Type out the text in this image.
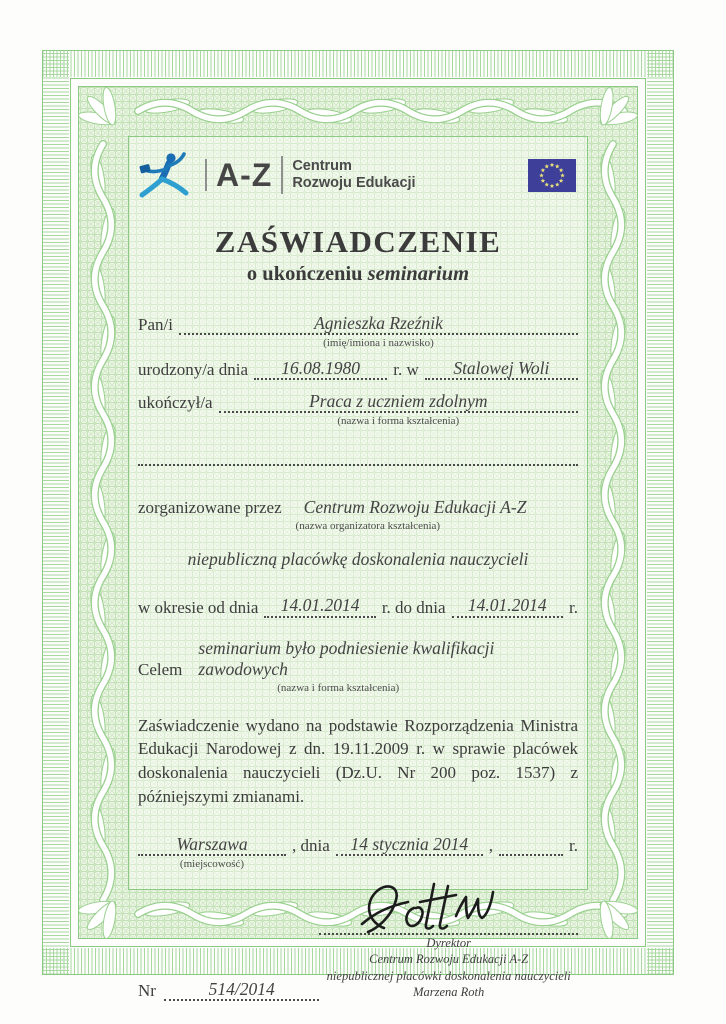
A-Z Centrum
Rozwoju Edukacji
ZAŚWIADCZENIE
o ukończeniu seminarium
Pan/i	Agnieszka Rzeźnik
(imię/imiona i nazwisko)
urodzony/a dnia	16.08.1980	r. w	Stalowej Woli
ukończył/a	Praca z uczniem zdolnym
(nazwa i forma kształcenia)
zorganizowane przez	Centrum Rozwoju Edukacji A-Z
(nazwa organizatora kształcenia)
niepubliczną placówkę doskonalenia nauczycieli
w okresie od dnia	14.01.2014	r. do dnia	14.01.2014	r.
Celem
seminarium było podniesienie kwalifikacji zawodowych
(nazwa i forma kształcenia)
Zaświadczenie wydano na podstawie Rozporządzenia Ministra Edukacji Narodowej z dn. 19.11.2009 r. w sprawie placówek doskonalenia nauczycieli (Dz.U. Nr 200 poz. 1537) z późniejszymi zmianami.
Warszawa	, dnia	14 stycznia 2014	,	r.
(miejscowość)
Nr	514/2014
Dyrektor
Centrum Rozwoju Edukacji A-Z
niepublicznej placówki doskonalenia nauczycieli
Marzena Roth
